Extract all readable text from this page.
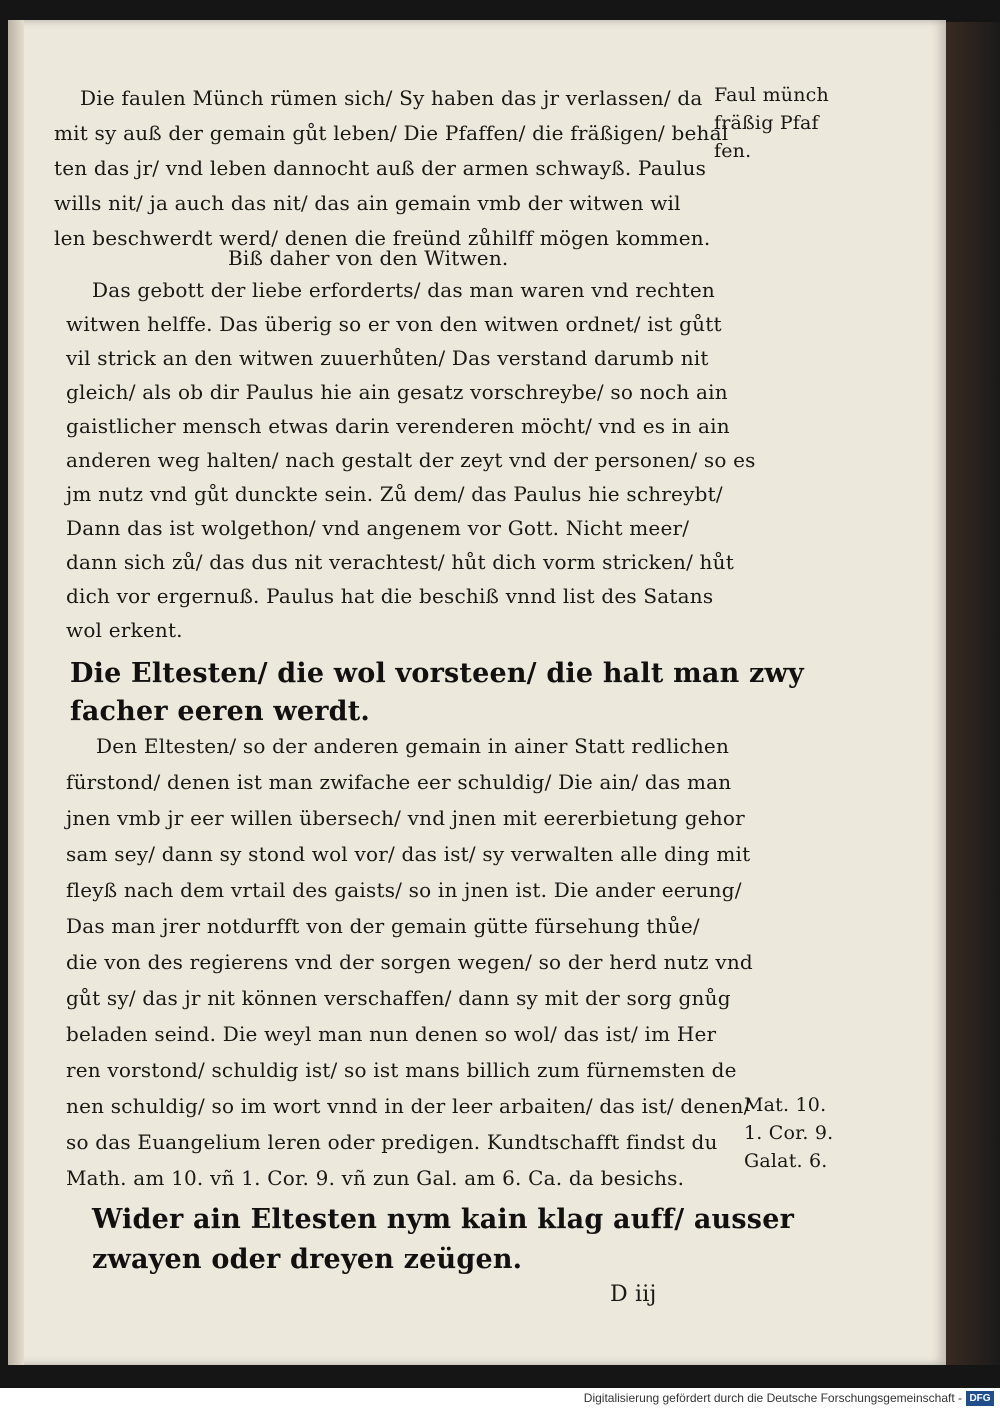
Die faulen Münch rümen sich/ Sy haben das jr verlassen/ da
mit sy auß der gemain gůt leben/ Die Pfaffen/ die fräßigen/ behal
ten das jr/ vnd leben dannocht auß der armen schwayß. Paulus
wills nit/ ja auch das nit/ das ain gemain vmb der witwen wil
len beschwerdt werd/ denen die freünd zůhilff mögen kommen.
Biß daher von den Witwen.
Das gebott der liebe erforderts/ das man waren vnd rechten
witwen helffe. Das überig so er von den witwen ordnet/ ist gůtt
vil strick an den witwen zuuerhůten/ Das verstand darumb nit
gleich/ als ob dir Paulus hie ain gesatz vorschreybe/ so noch ain
gaistlicher mensch etwas darin verenderen möcht/ vnd es in ain
anderen weg halten/ nach gestalt der zeyt vnd der personen/ so es
jm nutz vnd gůt dunckte sein. Zů dem/ das Paulus hie schreybt/
Dann das ist wolgethon/ vnd angenem vor Gott. Nicht meer/
dann sich zů/ das dus nit verachtest/ hůt dich vorm stricken/ hůt
dich vor ergernuß. Paulus hat die beschiß vnnd list des Satans
wol erkent.
Die Eltesten/ die wol vorsteen/ die halt man zwy
facher eeren werdt.
Den Eltesten/ so der anderen gemain in ainer Statt redlichen
fürstond/ denen ist man zwifache eer schuldig/ Die ain/ das man
jnen vmb jr eer willen übersech/ vnd jnen mit eererbietung gehor
sam sey/ dann sy stond wol vor/ das ist/ sy verwalten alle ding mit
fleyß nach dem vrtail des gaists/ so in jnen ist. Die ander eerung/
Das man jrer notdurfft von der gemain gütte fürsehung thůe/
die von des regierens vnd der sorgen wegen/ so der herd nutz vnd
gůt sy/ das jr nit können verschaffen/ dann sy mit der sorg gnůg
beladen seind. Die weyl man nun denen so wol/ das ist/ im Her
ren vorstond/ schuldig ist/ so ist mans billich zum fürnemsten de
nen schuldig/ so im wort vnnd in der leer arbaiten/ das ist/ denen/
so das Euangelium leren oder predigen. Kundtschafft findst du
Math. am 10. vñ 1. Cor. 9. vñ zun Gal. am 6. Ca. da besichs.
Wider ain Eltesten nym kain klag auff/ ausser
zwayen oder dreyen zeügen.
D iij
Faul münch
fräßig Pfaf
fen.
Mat. 10.
1. Cor. 9.
Galat. 6.
Digitalisierung gefördert durch die Deutsche Forschungsgemeinschaft - DFG
